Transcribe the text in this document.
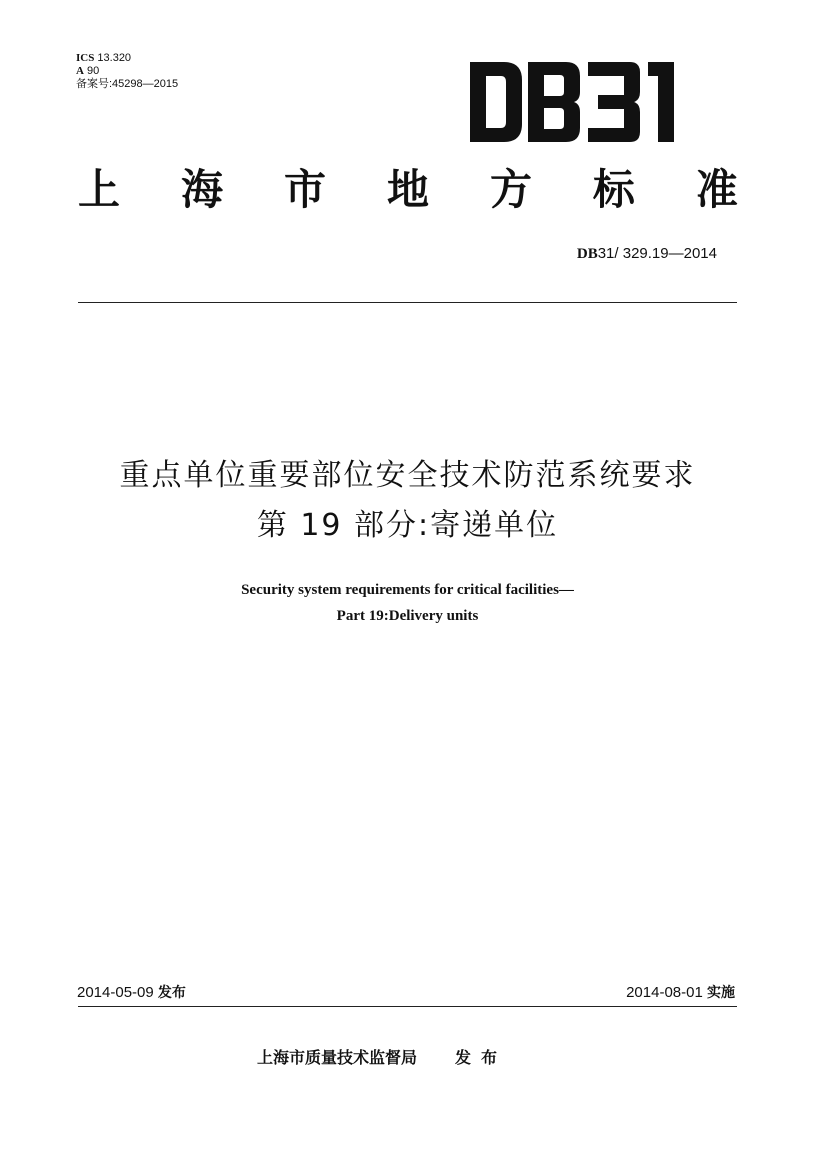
ICS 13.320
A 90
备案号:45298—2015
上 海 市 地 方 标 准
DB31/ 329.19—2014
重点单位重要部位安全技术防范系统要求
第 19 部分:寄递单位
Security system requirements for critical facilities—
Part 19:Delivery units
2014-05-09 发布	2014-08-01 实施
上海市质量技术监督局 发布
